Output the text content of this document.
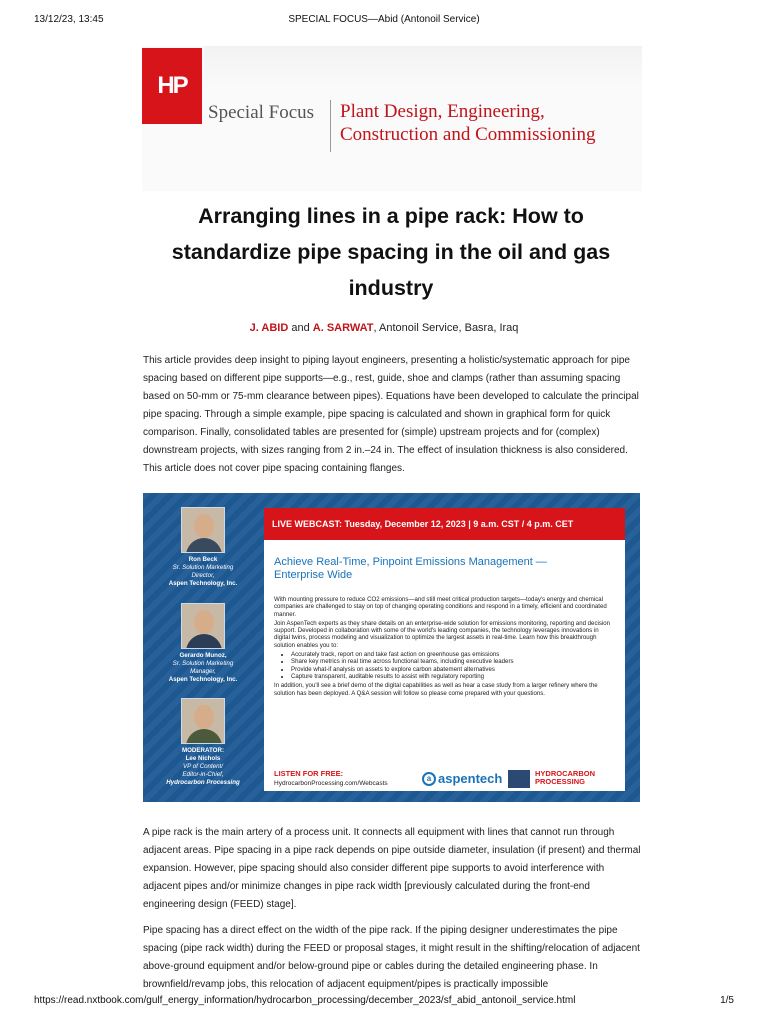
13/12/23, 13:45	SPECIAL FOCUS—Abid (Antonoil Service)
HP
Special Focus Plant Design, Engineering,
Construction and Commissioning
Arranging lines in a pipe rack: How to standardize pipe spacing in the oil and gas industry
J. ABID and A. SARWAT, Antonoil Service, Basra, Iraq

This article provides deep insight to piping layout engineers, presenting a holistic/systematic approach for pipe spacing based on different pipe supports—e.g., rest, guide, shoe and clamps (rather than assuming spacing based on 50-mm or 75-mm clearance between pipes). Equations have been developed to calculate the principal pipe spacing. Through a simple example, pipe spacing is calculated and shown in graphical form for quick comparison. Finally, consolidated tables are presented for (simple) upstream projects and for (complex) downstream projects, with sizes ranging from 2 in.–24 in. The effect of insulation thickness is also considered. This article does not cover pipe spacing containing flanges.

Ron Beck
Sr. Solution Marketing
Director,
Aspen Technology, Inc.
Gerardo Munoz,
Sr. Solution Marketing
Manager,
Aspen Technology, Inc.
MODERATOR:
Lee Nichols
VP of Content/
Editor-in-Chief,
Hydrocarbon Processing
LIVE WEBCAST: Tuesday, December 12, 2023 | 9 a.m. CST / 4 p.m. CET
Achieve Real-Time, Pinpoint Emissions Management — Enterprise Wide

With mounting pressure to reduce CO2 emissions—and still meet critical production targets—today's energy and chemical companies are challenged to stay on top of changing operating conditions and respond in a timely, efficient and coordinated manner.

Join AspenTech experts as they share details on an enterprise-wide solution for emissions monitoring, reporting and decision support. Developed in collaboration with some of the world's leading companies, the technology leverages innovations in digital twins, process modeling and visualization to optimize the largest assets in real-time. Learn how this breakthrough solution enables you to:

• Accurately track, report on and take fast action on greenhouse gas emissions
• Share key metrics in real time across functional teams, including executive leaders
• Provide what-if analysis on assets to explore carbon abatement alternatives
• Capture transparent, auditable results to assist with regulatory reporting

In addition, you'll see a brief demo of the digital capabilities as well as hear a case study from a larger refinery where the solution has been deployed. A Q&A session will follow so please come prepared with your questions.

LISTEN FOR FREE:
HydrocarbonProcessing.com/Webcasts
a aspentech	HYDROCARBON
PROCESSING

A pipe rack is the main artery of a process unit. It connects all equipment with lines that cannot run through adjacent areas. Pipe spacing in a pipe rack depends on pipe outside diameter, insulation (if present) and thermal expansion. However, pipe spacing should also consider different pipe supports to avoid interference with adjacent pipes and/or minimize changes in pipe rack width [previously calculated during the front-end engineering design (FEED) stage].

Pipe spacing has a direct effect on the width of the pipe rack. If the piping designer underestimates the pipe spacing (pipe rack width) during the FEED or proposal stages, it might result in the shifting/relocation of adjacent above-ground equipment and/or below-ground pipe or cables during the detailed engineering phase. In brownfield/revamp jobs, this relocation of adjacent equipment/pipes is practically impossible

https://read.nxtbook.com/gulf_energy_information/hydrocarbon_processing/december_2023/sf_abid_antonoil_service.html	1/5
